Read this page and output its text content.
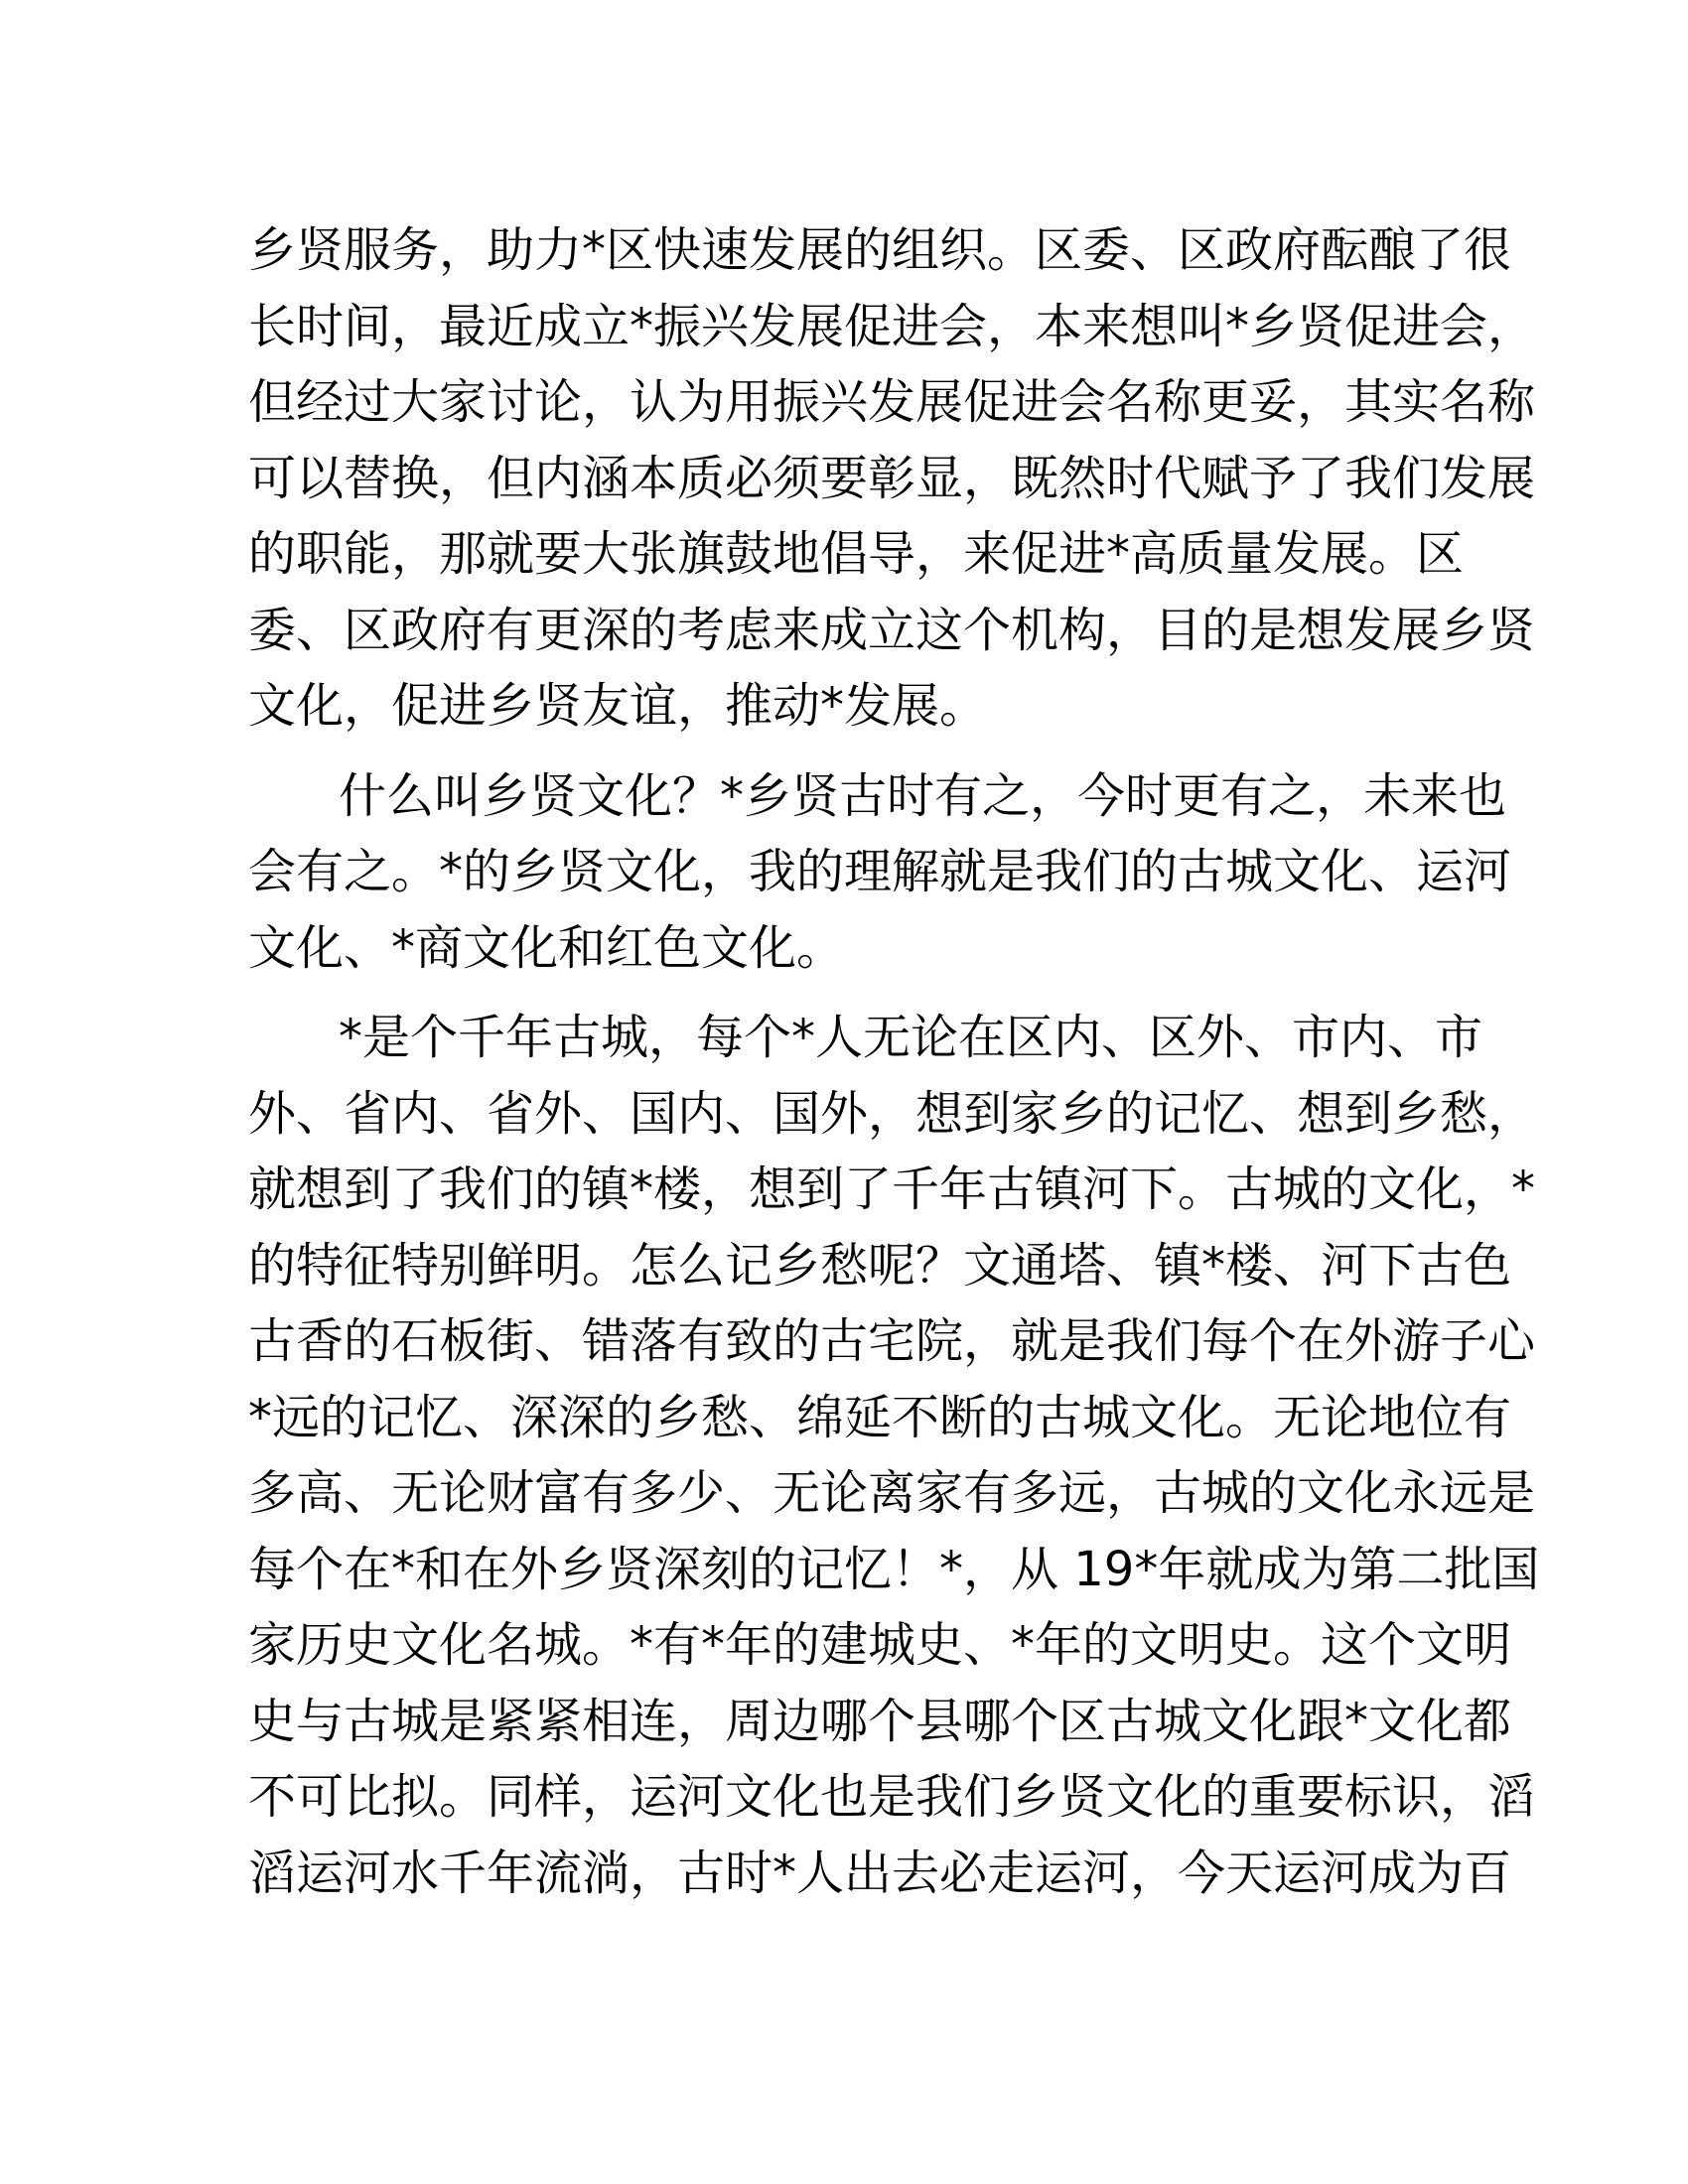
乡贤服务，助力*区快速发展的组织。区委、区政府酝酿了很
长时间，最近成立*振兴发展促进会，本来想叫*乡贤促进会，
但经过大家讨论，认为用振兴发展促进会名称更妥，其实名称
可以替换，但内涵本质必须要彰显，既然时代赋予了我们发展
的职能，那就要大张旗鼓地倡导，来促进*高质量发展。区
委、区政府有更深的考虑来成立这个机构，目的是想发展乡贤
文化，促进乡贤友谊，推动*发展。
什么叫乡贤文化？*乡贤古时有之，今时更有之，未来也
会有之。*的乡贤文化，我的理解就是我们的古城文化、运河
文化、*商文化和红色文化。
*是个千年古城，每个*人无论在区内、区外、市内、市
外、省内、省外、国内、国外，想到家乡的记忆、想到乡愁，
就想到了我们的镇*楼，想到了千年古镇河下。古城的文化，*
的特征特别鲜明。怎么记乡愁呢？文通塔、镇*楼、河下古色
古香的石板街、错落有致的古宅院，就是我们每个在外游子心
*远的记忆、深深的乡愁、绵延不断的古城文化。无论地位有
多高、无论财富有多少、无论离家有多远，古城的文化永远是
每个在*和在外乡贤深刻的记忆！*，从 19*年就成为第二批国
家历史文化名城。*有*年的建城史、*年的文明史。这个文明
史与古城是紧紧相连，周边哪个县哪个区古城文化跟*文化都
不可比拟。同样，运河文化也是我们乡贤文化的重要标识，滔
滔运河水千年流淌，古时*人出去必走运河，今天运河成为百
